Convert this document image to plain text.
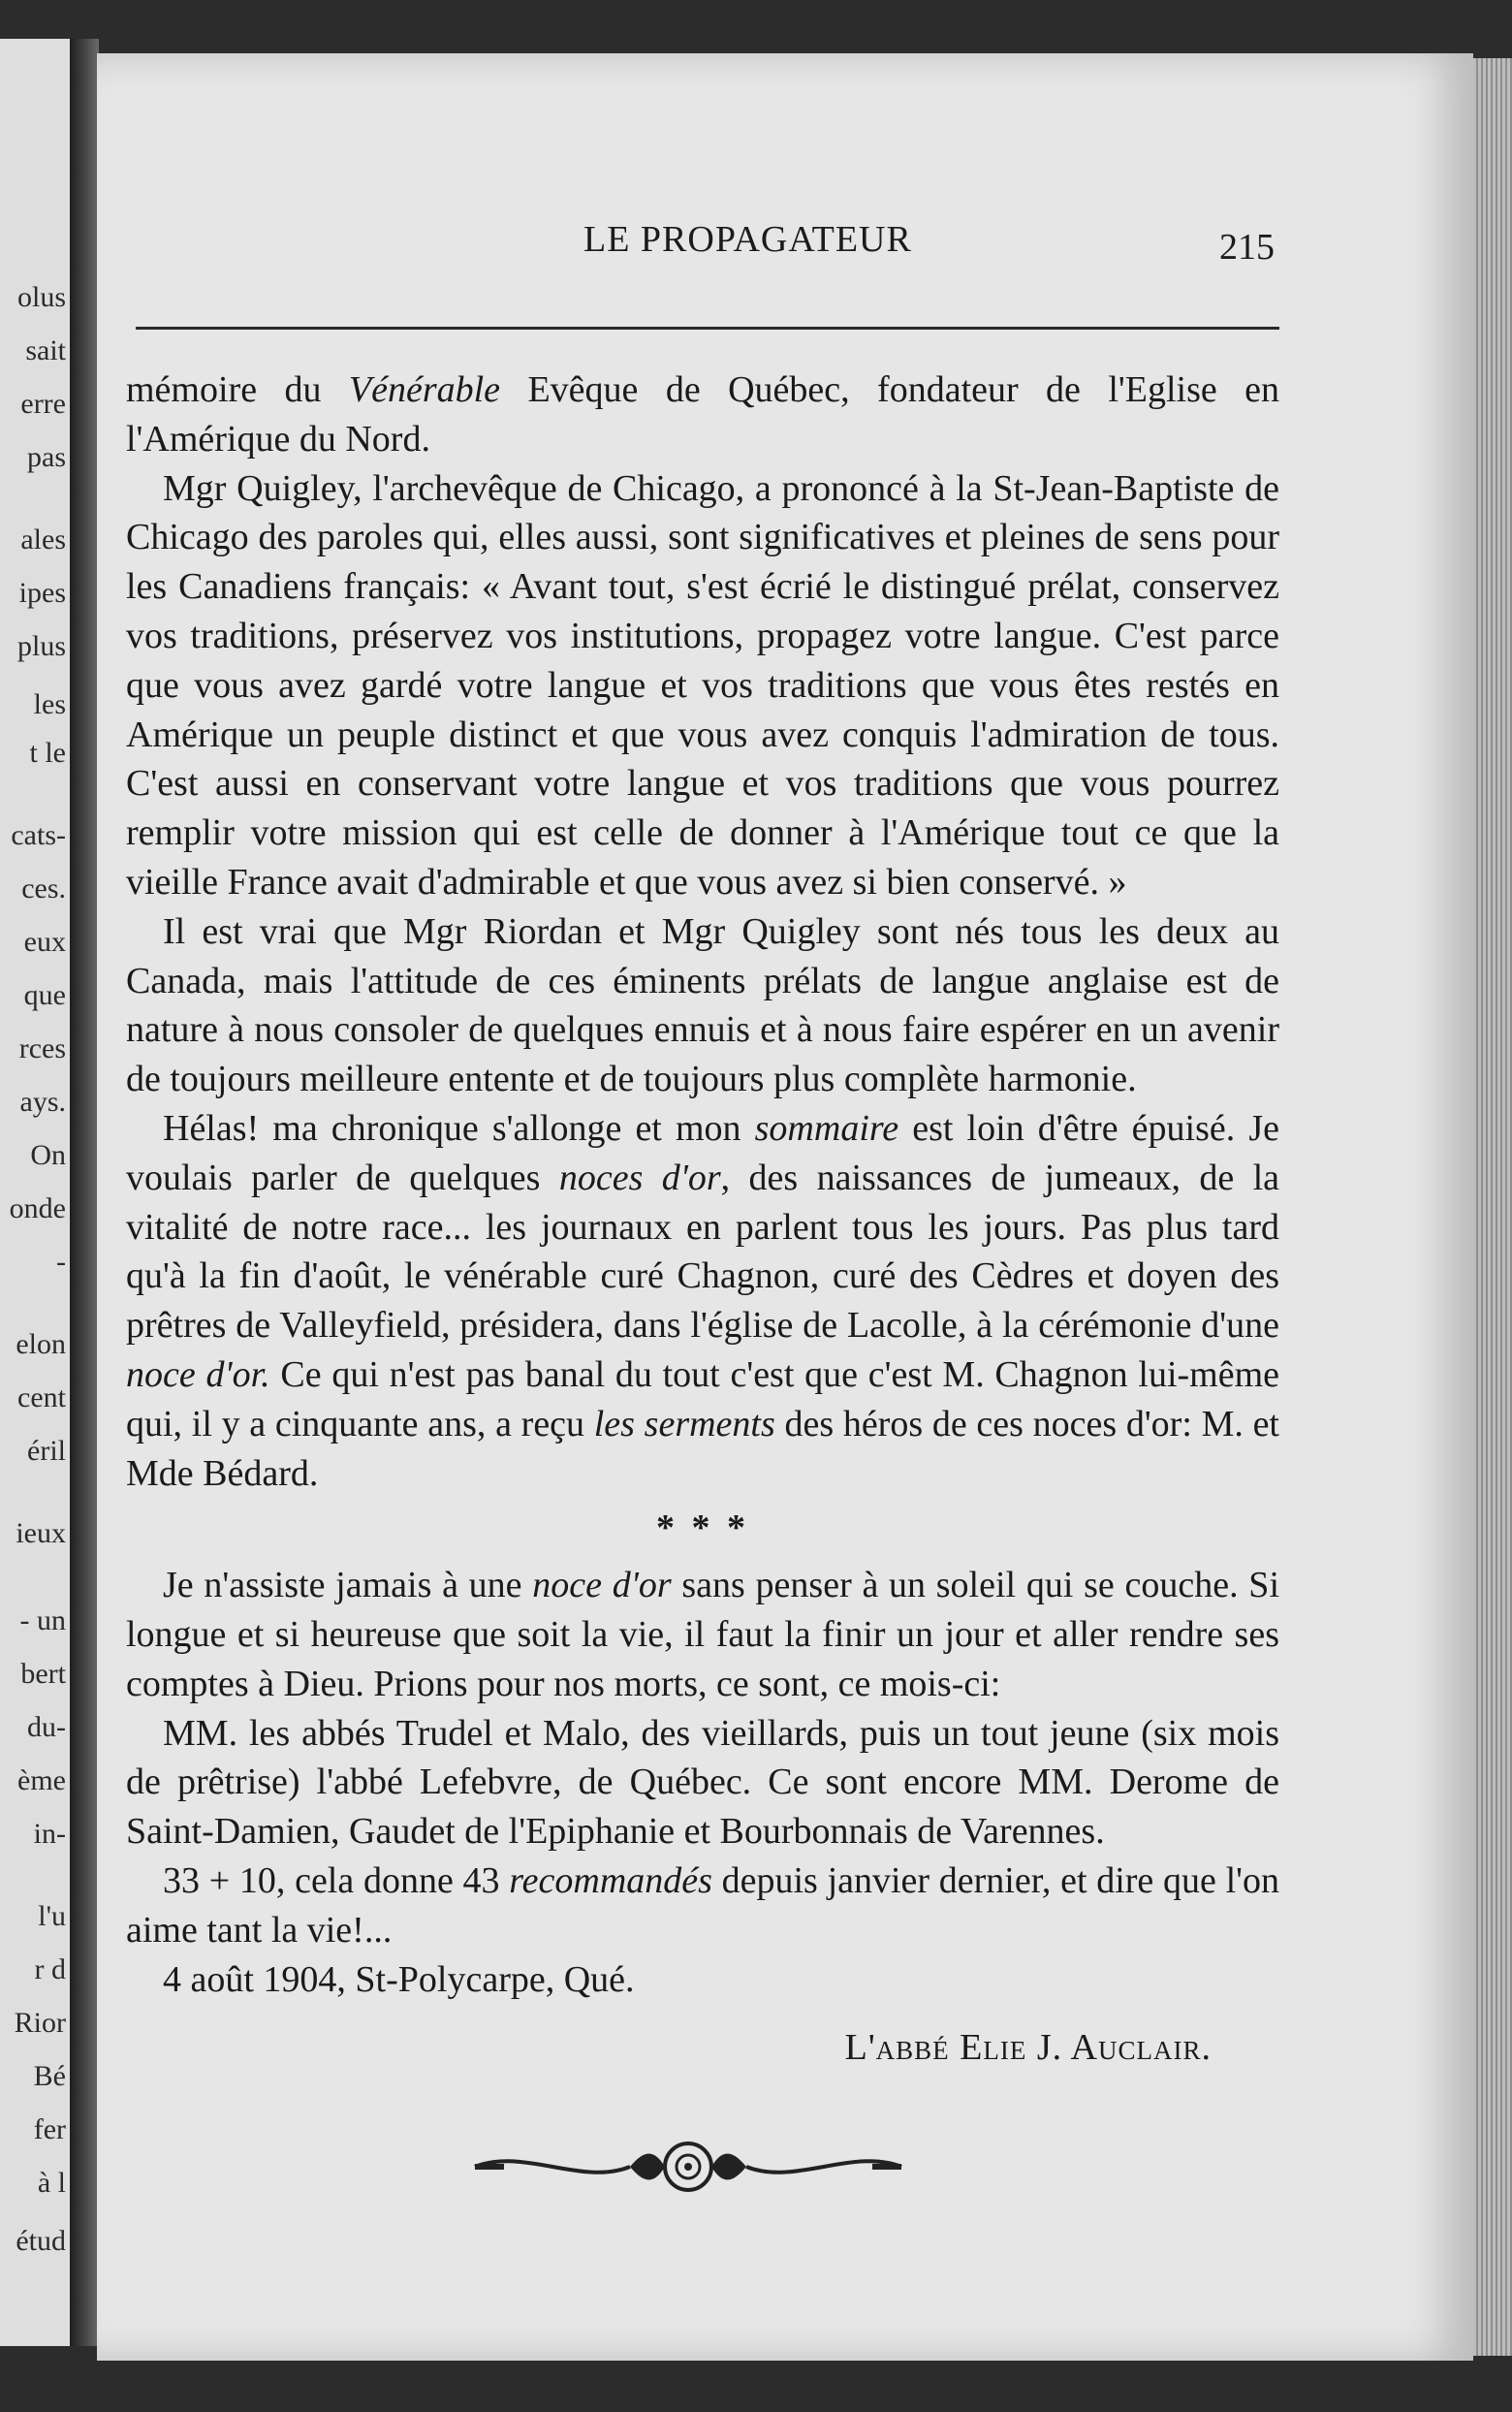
olus
sait
erre
pas
ales
ipes
plus
les
t le
cats-
ces.
eux
que
rces
ays.
On
onde
-
elon
cent
éril
ieux
- un
bert
du-
ème
in-
l'u
r d
Rior
Bé
fer
à l
étud
LE PROPAGATEUR	215

mémoire du Vénérable Evêque de Québec, fondateur de l'Eglise en l'Amérique du Nord.

Mgr Quigley, l'archevêque de Chicago, a prononcé à la St-Jean-Baptiste de Chicago des paroles qui, elles aussi, sont significatives et pleines de sens pour les Canadiens français: « Avant tout, s'est écrié le distingué prélat, conservez vos traditions, préservez vos institutions, propagez votre langue. C'est parce que vous avez gardé votre langue et vos traditions que vous êtes restés en Amérique un peuple distinct et que vous avez conquis l'admiration de tous. C'est aussi en conservant votre langue et vos traditions que vous pourrez remplir votre mission qui est celle de donner à l'Amérique tout ce que la vieille France avait d'admirable et que vous avez si bien conservé. »

Il est vrai que Mgr Riordan et Mgr Quigley sont nés tous les deux au Canada, mais l'attitude de ces éminents prélats de langue anglaise est de nature à nous consoler de quelques ennuis et à nous faire espérer en un avenir de toujours meilleure entente et de toujours plus complète harmonie.

Hélas! ma chronique s'allonge et mon sommaire est loin d'être épuisé. Je voulais parler de quelques noces d'or, des naissances de jumeaux, de la vitalité de notre race... les journaux en parlent tous les jours. Pas plus tard qu'à la fin d'août, le vénérable curé Chagnon, curé des Cèdres et doyen des prêtres de Valleyfield, présidera, dans l'église de Lacolle, à la cérémonie d'une noce d'or. Ce qui n'est pas banal du tout c'est que c'est M. Chagnon lui-même qui, il y a cinquante ans, a reçu les serments des héros de ces noces d'or: M. et Mde Bédard.

* * *

Je n'assiste jamais à une noce d'or sans penser à un soleil qui se couche. Si longue et si heureuse que soit la vie, il faut la finir un jour et aller rendre ses comptes à Dieu. Prions pour nos morts, ce sont, ce mois-ci:

MM. les abbés Trudel et Malo, des vieillards, puis un tout jeune (six mois de prêtrise) l'abbé Lefebvre, de Québec. Ce sont encore MM. Derome de Saint-Damien, Gaudet de l'Epiphanie et Bourbonnais de Varennes.

33 + 10, cela donne 43 recommandés depuis janvier dernier, et dire que l'on aime tant la vie!...

4 août 1904, St-Polycarpe, Qué.

L'abbé Elie J. Auclair.
